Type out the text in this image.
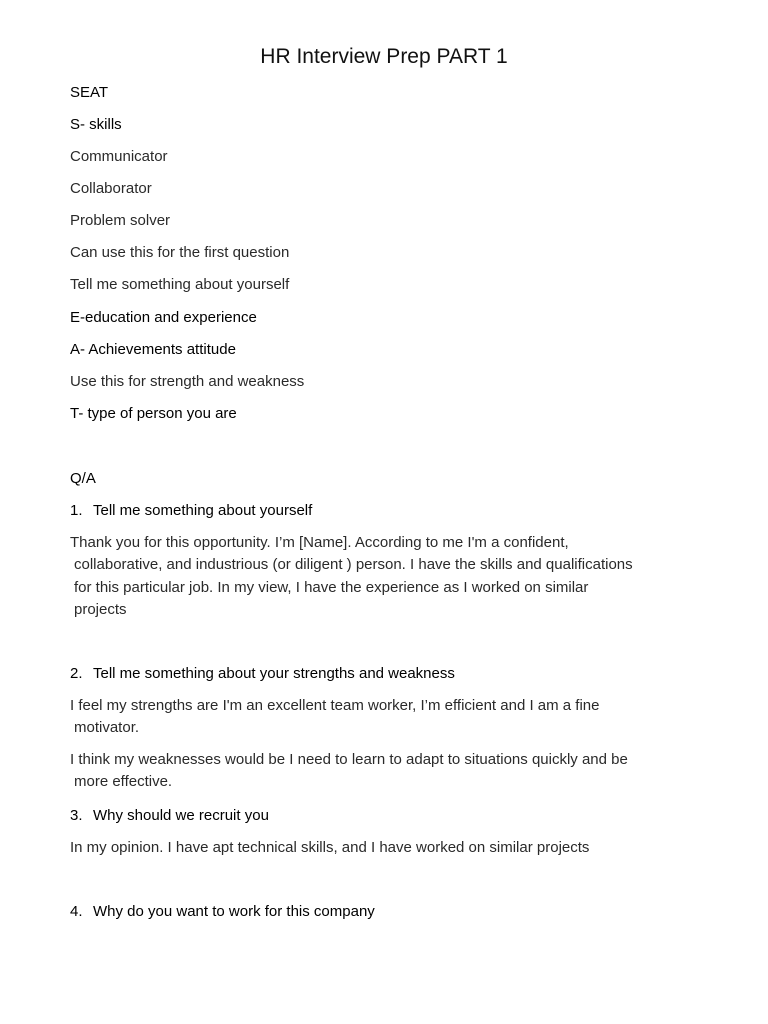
HR Interview Prep PART 1
SEAT
S- skills
Communicator
Collaborator
Problem solver
Can use this for the first question
Tell me something about yourself
E-education and experience
A- Achievements attitude
Use this for strength and weakness
T- type of person you are
Q/A
1. Tell me something about yourself
Thank you for this opportunity. I’m [Name]. According to me I'm a confident,
collaborative, and industrious (or diligent ) person. I have the skills and qualifications
for this particular job. In my view, I have the experience as I worked on similar
projects
2. Tell me something about your strengths and weakness
I feel my strengths are I'm an excellent team worker, I’m efficient and I am a fine
motivator.
I think my weaknesses would be I need to learn to adapt to situations quickly and be
more effective.
3. Why should we recruit you
In my opinion. I have apt technical skills, and I have worked on similar projects
4. Why do you want to work for this company
